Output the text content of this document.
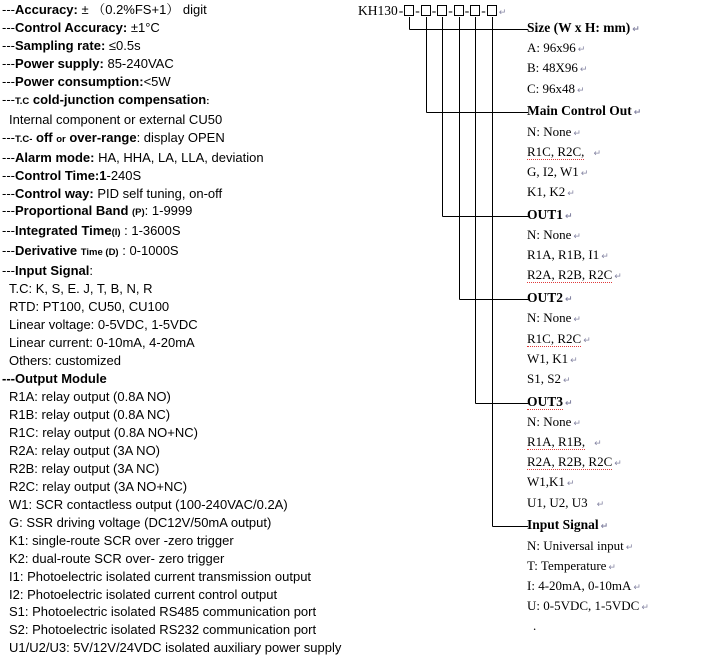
---Accuracy: ± （0.2%FS+1） digit
---Control Accuracy: ±1°C
---Sampling rate: ≤0.5s
---Power supply: 85-240VAC
---Power consumption:<5W
---T.C cold-junction compensation:
Internal component or external CU50
---T.C- off or over-range: display OPEN
---Alarm mode: HA, HHA, LA, LLA, deviation
---Control Time:1-240S
---Control way: PID self tuning, on-off
---Proportional Band (P): 1-9999
---Integrated Time(I) : 1-3600S
---Derivative Time (D) : 0-1000S
---Input Signal:
T.C: K, S, E. J, T, B, N, R
RTD: PT100, CU50, CU100
Linear voltage: 0-5VDC, 1-5VDC
Linear current: 0-10mA, 4-20mA
Others: customized
---Output Module
R1A: relay output (0.8A NO)
R1B: relay output (0.8A NC)
R1C: relay output (0.8A NO+NC)
R2A: relay output (3A NO)
R2B: relay output (3A NC)
R2C: relay output (3A NO+NC)
W1: SCR contactless output (100-240VAC/0.2A)
G: SSR driving voltage (DC12V/50mA output)
K1: single-route SCR over -zero trigger
K2: dual-route SCR over- zero trigger
I1: Photoelectric isolated current transmission output
I2: Photoelectric isolated current control output
S1: Photoelectric isolated RS485 communication port
S2: Photoelectric isolated RS232 communication port
U1/U2/U3: 5V/12V/24VDC isolated auxiliary power supply
KH130- - - - - - ↵
Size (W x H: mm) ↵
A: 96x96 ↵
B: 48X96 ↵
C: 96x48 ↵
Main Control Out ↵
N: None ↵
R1C, R2C, ↵
G, I2, W1 ↵
K1, K2 ↵
OUT1 ↵
N: None ↵
R1A, R1B, I1 ↵
R2A, R2B, R2C ↵
OUT2 ↵
N: None ↵
R1C, R2C ↵
W1, K1 ↵
S1, S2 ↵
OUT3 ↵
N: None ↵
R1A, R1B, ↵
R2A, R2B, R2C ↵
W1,K1 ↵
U1, U2, U3 ↵
Input Signal ↵
N: Universal input ↵
T: Temperature ↵
I: 4-20mA, 0-10mA ↵
U: 0-5VDC, 1-5VDC ↵
.
